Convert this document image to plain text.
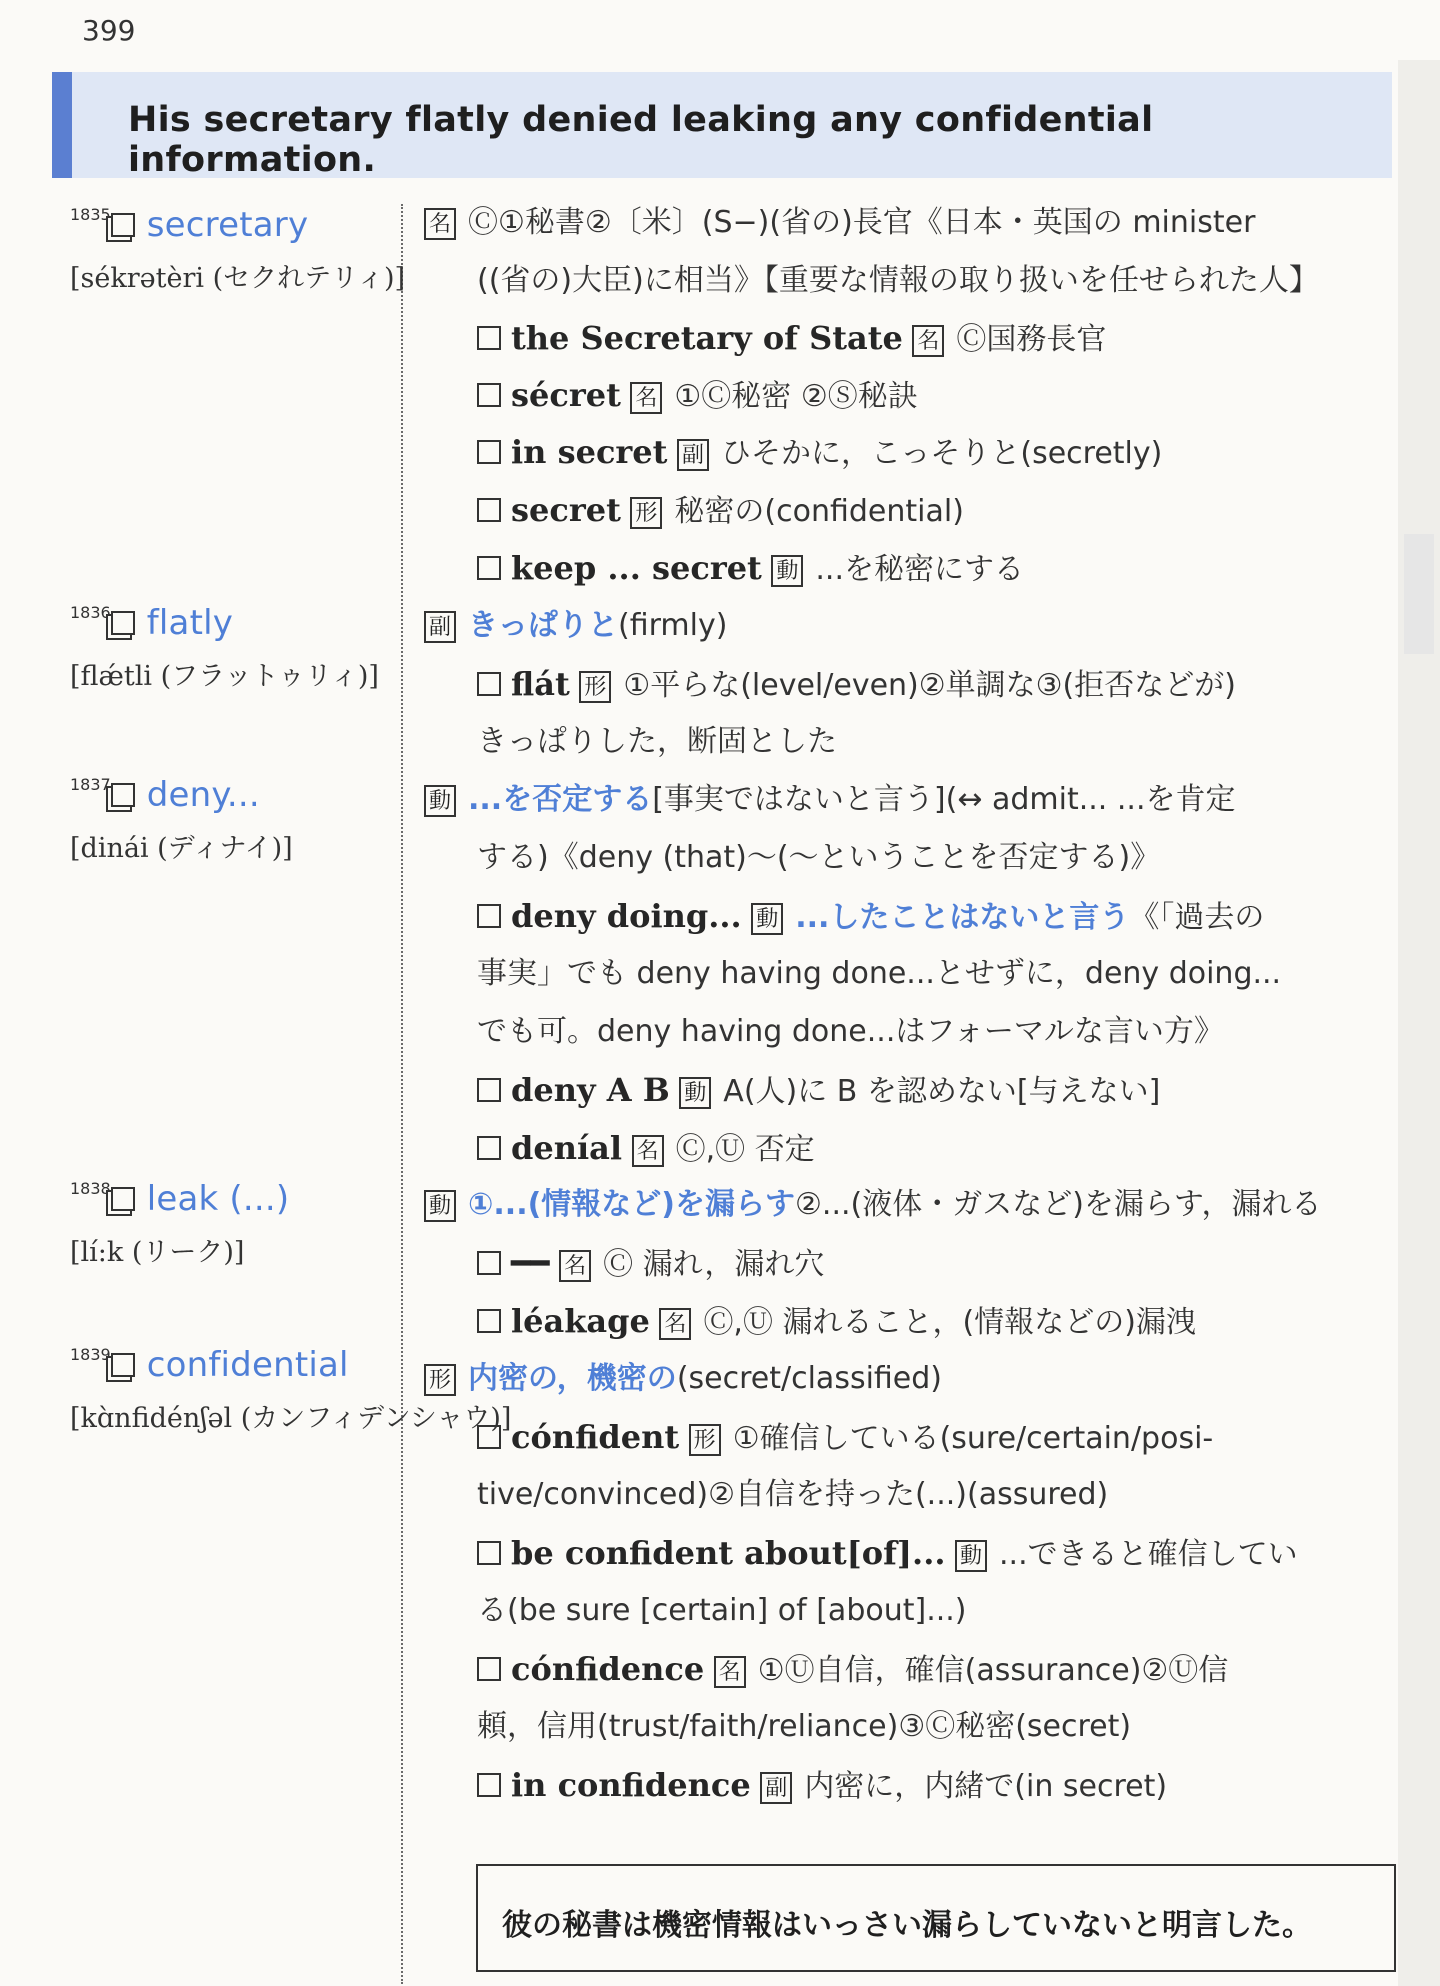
399
His secretary flatly denied leaking any confidential information.
1835 secretary
[sékrətèri (セクれテリィ)]
1836 flatly
[flǽtli (フラットゥリィ)]
1837 deny...
[dinái (ディナイ)]
1838 leak (...)
[lí:k (リーク)]
1839 confidential
[kɑ̀nfidénʃəl (カンフィデンシャウ)]
名 Ⓒ①秘書②〔米〕(S−)(省の)長官《日本・英国の minister
((省の)大臣)に相当》【重要な情報の取り扱いを任せられた人】
the Secretary of State 名 Ⓒ国務長官
sécret 名 ①Ⓒ秘密 ②Ⓢ秘訣
in secret 副 ひそかに，こっそりと(secretly)
secret 形 秘密の(confidential)
keep ... secret 動 ...を秘密にする
副 きっぱりと(firmly)
flát 形 ①平らな(level/even)②単調な③(拒否などが)
きっぱりした，断固とした
動 ...を否定する[事実ではないと言う](↔ admit... ...を肯定
する)《deny (that)〜(〜ということを否定する)》
deny doing... 動 ...したことはないと言う《「過去の
事実」でも deny having done...とせずに，deny doing...
でも可。deny having done...はフォーマルな言い方》
deny A B 動 A(人)に B を認めない[与えない]
deníal 名 Ⓒ,Ⓤ 否定
動 ①...(情報など)を漏らす②...(液体・ガスなど)を漏らす，漏れる
━━ 名 Ⓒ 漏れ，漏れ穴
léakage 名 Ⓒ,Ⓤ 漏れること，(情報などの)漏洩
形 内密の，機密の(secret/classified)
cónfident 形 ①確信している(sure/certain/posi-
tive/convinced)②自信を持った(...)(assured)
be confident about[of]... 動 ...できると確信してい
る(be sure [certain] of [about]...)
cónfidence 名 ①Ⓤ自信，確信(assurance)②Ⓤ信
頼，信用(trust/faith/reliance)③Ⓒ秘密(secret)
in confidence 副 内密に，内緒で(in secret)
彼の秘書は機密情報はいっさい漏らしていないと明言した。
